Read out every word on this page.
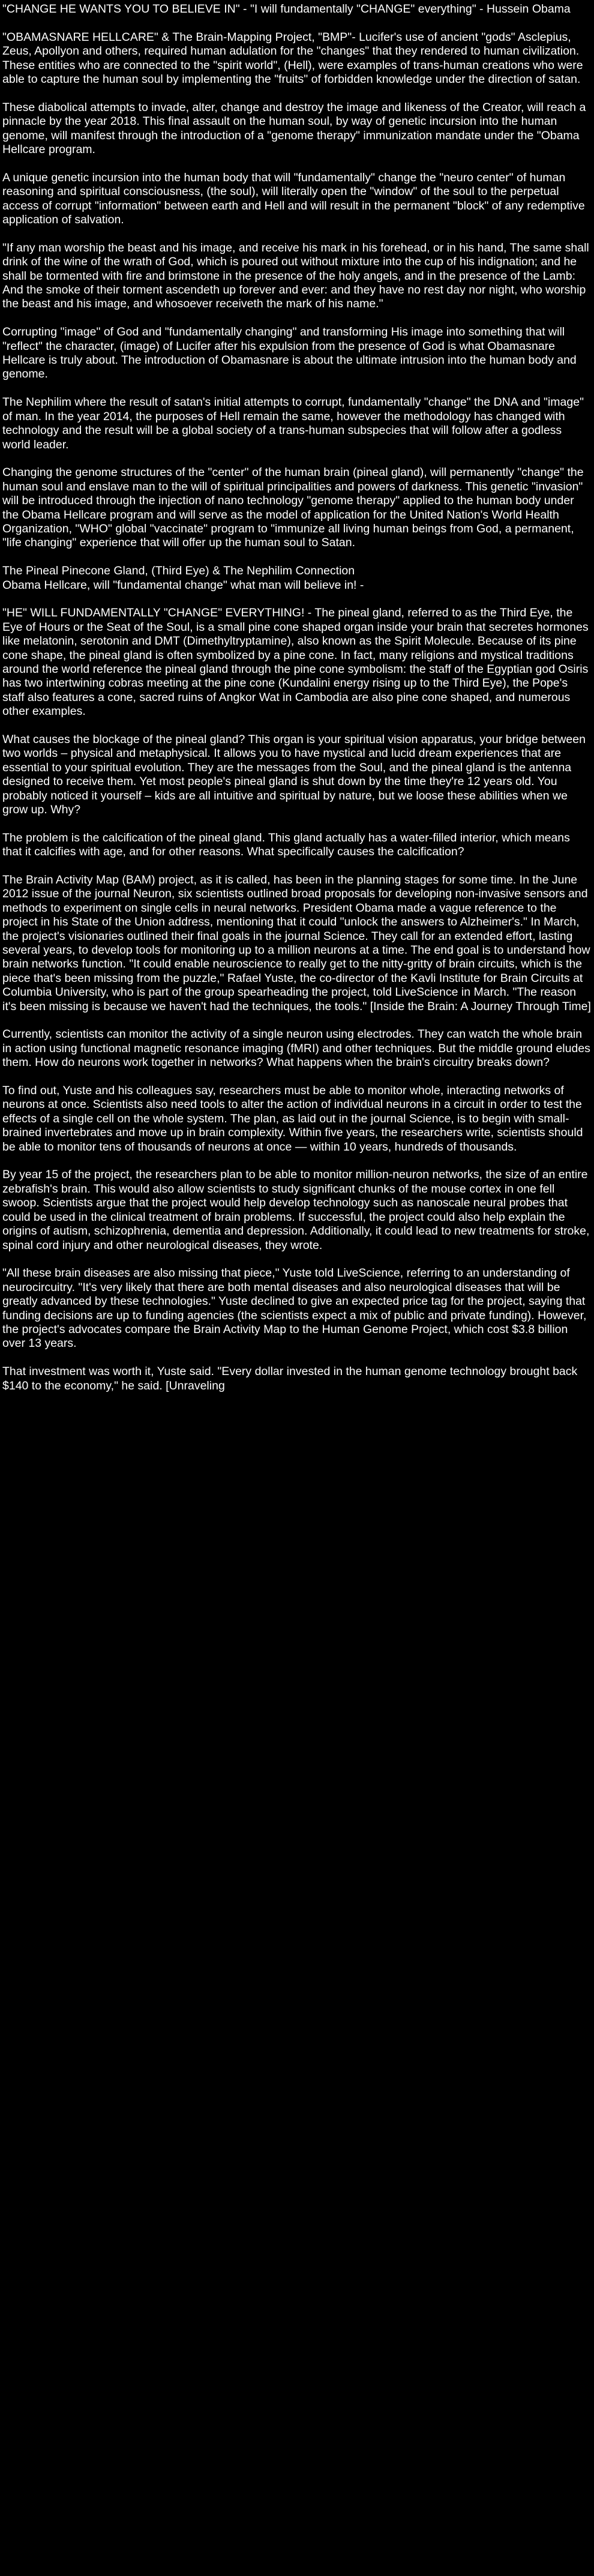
"CHANGE HE WANTS YOU TO BELIEVE IN" - "I will fundamentally "CHANGE" everything" - Hussein Obama
"OBAMASNARE HELLCARE" & The Brain-Mapping Project, "BMP"- Lucifer's use of ancient "gods" Asclepius, Zeus, Apollyon and others, required human adulation for the "changes" that they rendered to human civilization. These entities who are connected to the "spirit world", (Hell), were examples of trans-human creations who were able to capture the human soul by implementing the "fruits" of forbidden knowledge under the direction of satan.
These diabolical attempts to invade, alter, change and destroy the image and likeness of the Creator, will reach a pinnacle by the year 2018. This final assault on the human soul, by way of genetic incursion into the human genome, will manifest through the introduction of a "genome therapy" immunization mandate under the "Obama Hellcare program.
A unique genetic incursion into the human body that will "fundamentally" change the "neuro center" of human reasoning and spiritual consciousness, (the soul), will literally open the "window" of the soul to the perpetual access of corrupt "information" between earth and Hell and will result in the permanent "block" of any redemptive application of salvation.
"If any man worship the beast and his image, and receive his mark in his forehead, or in his hand, The same shall drink of the wine of the wrath of God, which is poured out without mixture into the cup of his indignation; and he shall be tormented with fire and brimstone in the presence of the holy angels, and in the presence of the Lamb: And the smoke of their torment ascendeth up forever and ever: and they have no rest day nor night, who worship the beast and his image, and whosoever receiveth the mark of his name."
Corrupting "image" of God and "fundamentally changing" and transforming His image into something that will "reflect" the character, (image) of Lucifer after his expulsion from the presence of God is what Obamasnare Hellcare is truly about. The introduction of Obamasnare is about the ultimate intrusion into the human body and genome.
The Nephilim where the result of satan's initial attempts to corrupt, fundamentally "change" the DNA and "image" of man. In the year 2014, the purposes of Hell remain the same, however the methodology has changed with technology and the result will be a global society of a trans-human subspecies that will follow after a godless world leader.
Changing the genome structures of the "center" of the human brain (pineal gland), will permanently "change" the human soul and enslave man to the will of spiritual principalities and powers of darkness. This genetic "invasion" will be introduced through the injection of nano technology "genome therapy" applied to the human body under the Obama Hellcare program and will serve as the model of application for the United Nation's World Health Organization, "WHO" global "vaccinate" program to "immunize all living human beings from God, a permanent, "life changing" experience that will offer up the human soul to Satan.
The Pineal Pinecone Gland, (Third Eye) & The Nephilim Connection
Obama Hellcare, will "fundamental change" what man will believe in! -
"HE" WILL FUNDAMENTALLY "CHANGE" EVERYTHING! - The pineal gland, referred to as the Third Eye, the Eye of Hours or the Seat of the Soul, is a small pine cone shaped organ inside your brain that secretes hormones like melatonin, serotonin and DMT (Dimethyltryptamine), also known as the Spirit Molecule. Because of its pine cone shape, the pineal gland is often symbolized by a pine cone. In fact, many religions and mystical traditions around the world reference the pineal gland through the pine cone symbolism: the staff of the Egyptian god Osiris has two intertwining cobras meeting at the pine cone (Kundalini energy rising up to the Third Eye), the Pope's staff also features a cone, sacred ruins of Angkor Wat in Cambodia are also pine cone shaped, and numerous other examples.
What causes the blockage of the pineal gland? This organ is your spiritual vision apparatus, your bridge between two worlds – physical and metaphysical. It allows you to have mystical and lucid dream experiences that are essential to your spiritual evolution. They are the messages from the Soul, and the pineal gland is the antenna designed to receive them. Yet most people's pineal gland is shut down by the time they're 12 years old. You probably noticed it yourself – kids are all intuitive and spiritual by nature, but we loose these abilities when we grow up. Why?
The problem is the calcification of the pineal gland. This gland actually has a water-filled interior, which means that it calcifies with age, and for other reasons. What specifically causes the calcification?
The Brain Activity Map (BAM) project, as it is called, has been in the planning stages for some time. In the June 2012 issue of the journal Neuron, six scientists outlined broad proposals for developing non-invasive sensors and methods to experiment on single cells in neural networks. President Obama made a vague reference to the project in his State of the Union address, mentioning that it could "unlock the answers to Alzheimer's." In March, the project's visionaries outlined their final goals in the journal Science. They call for an extended effort, lasting several years, to develop tools for monitoring up to a million neurons at a time. The end goal is to understand how brain networks function. "It could enable neuroscience to really get to the nitty-gritty of brain circuits, which is the piece that's been missing from the puzzle," Rafael Yuste, the co-director of the Kavli Institute for Brain Circuits at Columbia University, who is part of the group spearheading the project, told LiveScience in March. "The reason it's been missing is because we haven't had the techniques, the tools." [Inside the Brain: A Journey Through Time]
Currently, scientists can monitor the activity of a single neuron using electrodes. They can watch the whole brain in action using functional magnetic resonance imaging (fMRI) and other techniques. But the middle ground eludes them. How do neurons work together in networks? What happens when the brain's circuitry breaks down?
To find out, Yuste and his colleagues say, researchers must be able to monitor whole, interacting networks of neurons at once. Scientists also need tools to alter the action of individual neurons in a circuit in order to test the effects of a single cell on the whole system. The plan, as laid out in the journal Science, is to begin with small-brained invertebrates and move up in brain complexity. Within five years, the researchers write, scientists should be able to monitor tens of thousands of neurons at once — within 10 years, hundreds of thousands.
By year 15 of the project, the researchers plan to be able to monitor million-neuron networks, the size of an entire zebrafish's brain. This would also allow scientists to study significant chunks of the mouse cortex in one fell swoop. Scientists argue that the project would help develop technology such as nanoscale neural probes that could be used in the clinical treatment of brain problems. If successful, the project could also help explain the origins of autism, schizophrenia, dementia and depression. Additionally, it could lead to new treatments for stroke, spinal cord injury and other neurological diseases, they wrote.
"All these brain diseases are also missing that piece," Yuste told LiveScience, referring to an understanding of neurocircuitry. "It's very likely that there are both mental diseases and also neurological diseases that will be greatly advanced by these technologies." Yuste declined to give an expected price tag for the project, saying that funding decisions are up to funding agencies (the scientists expect a mix of public and private funding). However, the project's advocates compare the Brain Activity Map to the Human Genome Project, which cost $3.8 billion over 13 years.
That investment was worth it, Yuste said. "Every dollar invested in the human genome technology brought back $140 to the economy," he said. [Unraveling
